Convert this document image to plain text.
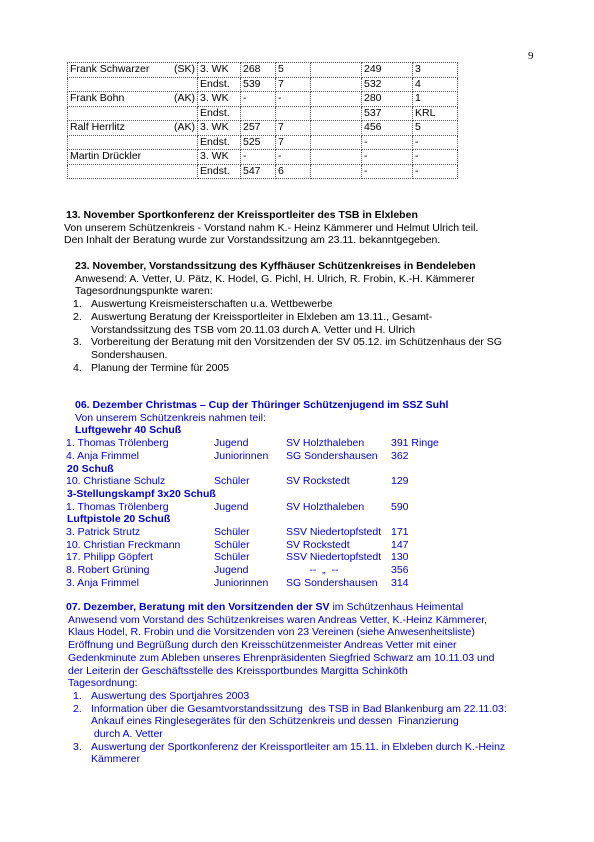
9
Frank Schwarzer (SK)	3. WK	268	5		249	3

	Endst.	539	7		532	4

Frank Bohn (AK)	3. WK	-	-		280	1

	Endst.				537	KRL

Ralf Herrlitz (AK)	3. WK	257	7		456	5

	Endst.	525	7		-	-

Martin Drückler	3. WK	-	-		-	-

	Endst.	547	6		-	-
13. November Sportkonferenz der Kreissportleiter des TSB in Elxleben
Von unserem Schützenkreis - Vorstand nahm K.- Heinz Kämmerer und Helmut Ulrich teil.
Den Inhalt der Beratung wurde zur Vorstandssitzung am 23.11. bekanntgegeben.
23. November, Vorstandssitzung des Kyffhäuser Schützenkreises in Bendeleben
Anwesend: A. Vetter, U. Pätz, K. Hodel, G. Pichl, H. Ulrich, R. Frobin, K.-H. Kämmerer
Tagesordnungspunkte waren:
1. Auswertung Kreismeisterschaften u.a. Wettbewerbe
2. Auswertung Beratung der Kreissportleiter in Elxleben am 13.11., Gesamt-
Vorstandssitzung des TSB vom 20.11.03 durch A. Vetter und H. Ulrich
3. Vorbereitung der Beratung mit den Vorsitzenden der SV 05.12. im Schützenhaus der SG
Sondershausen.
4. Planung der Termine für 2005
06. Dezember Christmas – Cup der Thüringer Schützenjugend im SSZ Suhl
Von unserem Schützenkreis nahmen teil:
Luftgewehr 40 Schuß
1. Thomas Trölenberg	Jugend	SV Holzthaleben	391 Ringe
4. Anja Frimmel	Juniorinnen	SG Sondershausen	362
20 Schuß
10. Christiane Schulz	Schüler	SV Rockstedt	129
3-Stellungskampf 3x20 Schuß
1. Thomas Trölenberg	Jugend	SV Holzthaleben	590
Luftpistole 20 Schuß
3. Patrick Strutz	Schüler	SSV Niedertopfstedt 171
10. Christian Freckmann	Schüler	SV Rockstedt	147
17. Philipp Göpfert	Schüler	SSV Niedertopfstedt 130
8. Robert Grüning	Jugend	--  „  --	356
3. Anja Frimmel	Juniorinnen	SG Sondershausen	314
07. Dezember, Beratung mit den Vorsitzenden der SV im Schützenhaus Heimental
Anwesend vom Vorstand des Schützenkreises waren Andreas Vetter, K.-Heinz Kämmerer,
Klaus Hodel, R. Frobin und die Vorsitzenden von 23 Vereinen (siehe Anwesenheitsliste)
Eröffnung und Begrüßung durch den Kreisschützenmeister Andreas Vetter mit einer
Gedenkminute zum Ableben unseres Ehrenpräsidenten Siegfried Schwarz am 10.11.03 und
der Leiterin der Geschäftsstelle des Kreissportbundes Margitta Schinköth
Tagesordnung:
1. Auswertung des Sportjahres 2003
2. Information über die Gesamtvorstandssitzung  des TSB in Bad Blankenburg am 22.11.03:
Ankauf eines Ringlesegerätes für den Schützenkreis und dessen  Finanzierung
durch A. Vetter
3. Auswertung der Sportkonferenz der Kreissportleiter am 15.11. in Elxleben durch K.-Heinz
Kämmerer
